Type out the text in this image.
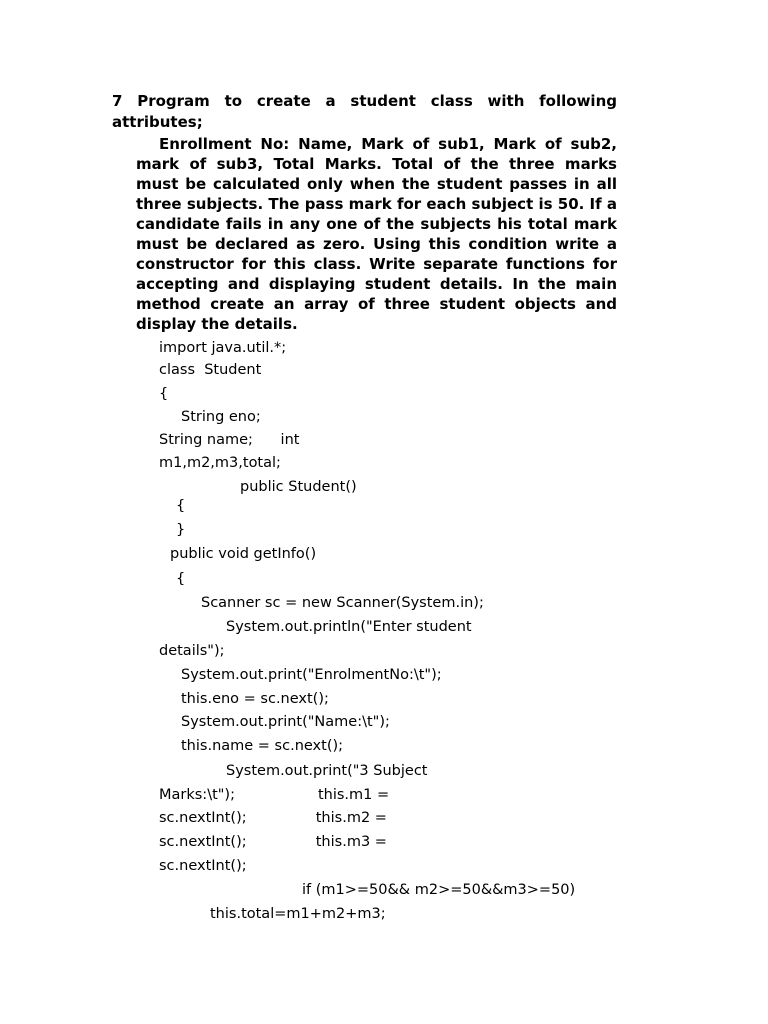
7 Program to create a student class with following
attributes;

Enrollment No: Name, Mark of sub1, Mark of sub2, mark of sub3, Total Marks. Total of the three marks must be calculated only when the student passes in all three subjects. The pass mark for each subject is 50. If a candidate fails in any one of the subjects his total mark must be declared as zero. Using this condition write a constructor for this class. Write separate functions for accepting and displaying student details. In the main method create an array of three student objects and display the details.

import java.util.*;
class  Student
{
String eno;
String name;      int
m1,m2,m3,total;
public Student()
{
}
public void getInfo()
{
Scanner sc = new Scanner(System.in);
System.out.println("Enter student
details");
System.out.print("EnrolmentNo:\t");
this.eno = sc.next();
System.out.print("Name:\t");
this.name = sc.next();
System.out.print("3 Subject
Marks:\t");                  this.m1 =
sc.nextInt();               this.m2 =
sc.nextInt();               this.m3 =
sc.nextInt();
if (m1>=50&& m2>=50&&m3>=50)
this.total=m1+m2+m3;
